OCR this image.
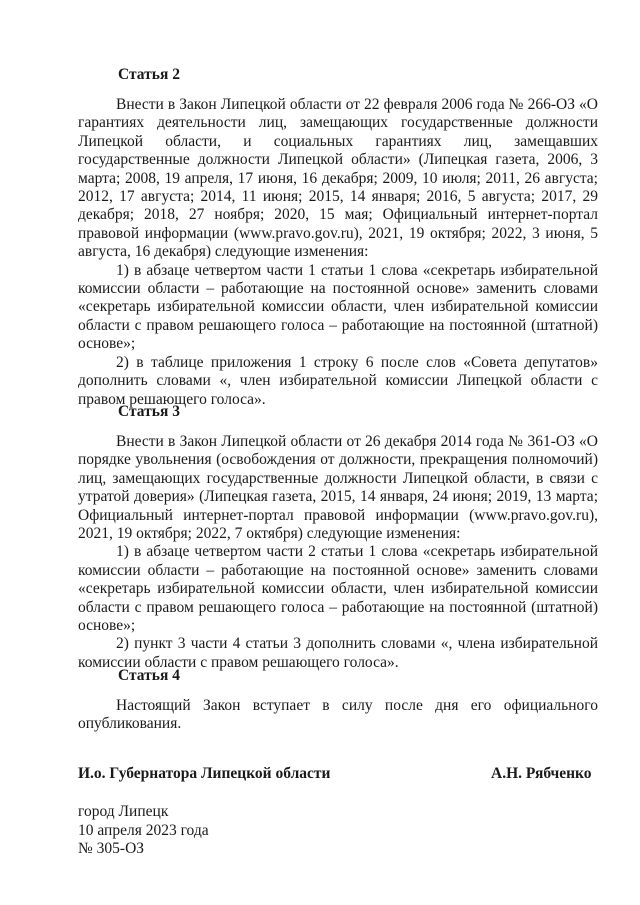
Статья 2

Внести в Закон Липецкой области от 22 февраля 2006 года № 266-ОЗ «О гарантиях деятельности лиц, замещающих государственные должности Липецкой области, и социальных гарантиях лиц, замещавших государственные должности Липецкой области» (Липецкая газета, 2006, 3 марта; 2008, 19 апреля, 17 июня, 16 декабря; 2009, 10 июля; 2011, 26 августа; 2012, 17 августа; 2014, 11 июня; 2015, 14 января; 2016, 5 августа; 2017, 29 декабря; 2018, 27 ноября; 2020, 15 мая; Официальный интернет-портал правовой информации (www.pravo.gov.ru), 2021, 19 октября; 2022, 3 июня, 5 августа, 16 декабря) следующие изменения:

1) в абзаце четвертом части 1 статьи 1 слова «секретарь избирательной комиссии области – работающие на постоянной основе» заменить словами «секретарь избирательной комиссии области, член избирательной комиссии области с правом решающего голоса – работающие на постоянной (штатной) основе»;

2) в таблице приложения 1 строку 6 после слов «Совета депутатов» дополнить словами «, член избирательной комиссии Липецкой области с правом решающего голоса».

Статья 3

Внести в Закон Липецкой области от 26 декабря 2014 года № 361-ОЗ «О порядке увольнения (освобождения от должности, прекращения полномочий) лиц, замещающих государственные должности Липецкой области, в связи с утратой доверия» (Липецкая газета, 2015, 14 января, 24 июня; 2019, 13 марта; Официальный интернет-портал правовой информации (www.pravo.gov.ru), 2021, 19 октября; 2022, 7 октября) следующие изменения:

1) в абзаце четвертом части 2 статьи 1 слова «секретарь избирательной комиссии области – работающие на постоянной основе» заменить словами «секретарь избирательной комиссии области, член избирательной комиссии области с правом решающего голоса – работающие на постоянной (штатной) основе»;

2) пункт 3 части 4 статьи 3 дополнить словами «, члена избирательной комиссии области с правом решающего голоса».

Статья 4

Настоящий Закон вступает в силу после дня его официального опубликования.

И.о. Губернатора Липецкой области	А.Н. Рябченко
город Липецк
10 апреля 2023 года
№ 305-ОЗ
